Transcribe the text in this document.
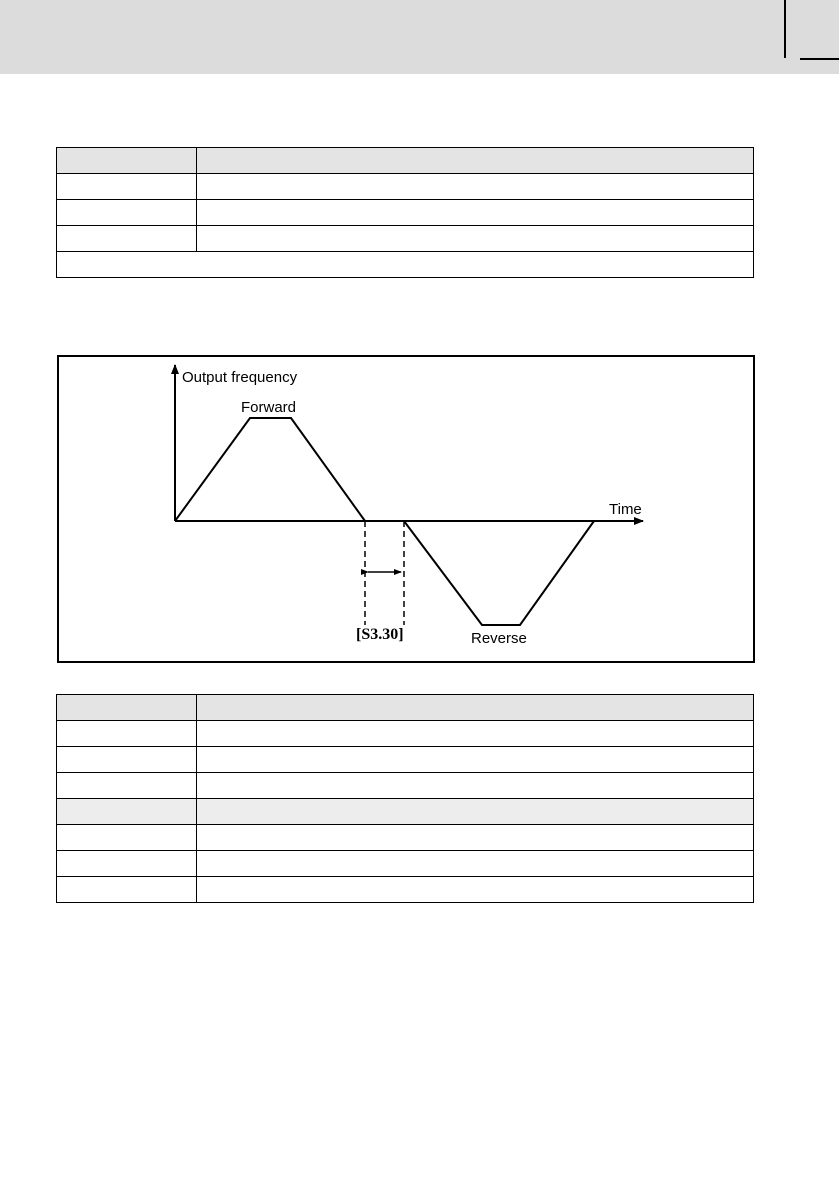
Output frequency
Forward
Time
[S3.30]	Reverse
